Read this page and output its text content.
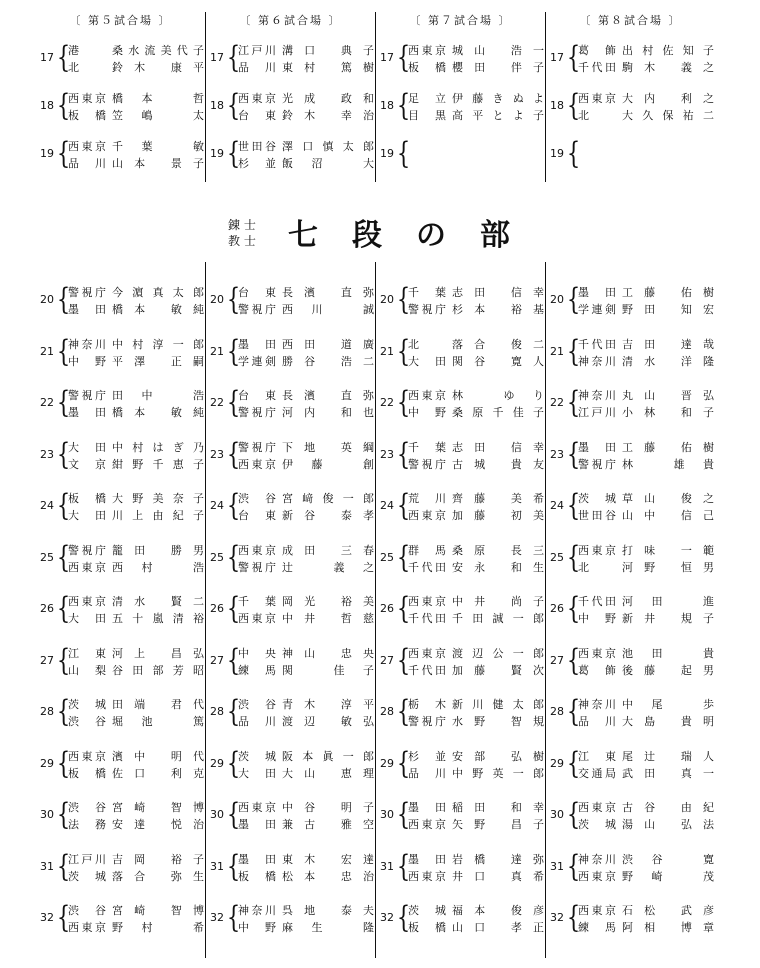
〔 第５試合場 〕
17 {
港	桑水流美代子
北	鈴木 康平
18 {
西東京 橋本 哲
板橋 笠嶋 太
19 {
西東京 千葉 敏
品川 山本 景子
〔 第６試合場 〕
17 {
江戸川 溝口 典子
品川 東村 篤樹
18 {
西東京 光成 政和
台東 鈴木 幸治
19 {
世田谷 澤口慎太郎
杉並 飯沼 大
〔 第７試合場 〕
17 {
西東京 城山 浩一
板橋 櫻田 伴子
18 {
足立 伊藤きぬよ
目黒 高平とよ子
19 {
〔 第８試合場 〕
17 {
葛飾 出村佐知子
千代田 駒木 義之
18 {
西東京 大内 利之
北	大久保祐二
19 {
20 {
警視庁 今濵真太郎
墨田 橋本 敏純
21 {
神奈川 中村淳一郎
中野 平澤 正嗣
22 {
警視庁 田中 浩
墨田 橋本 敏純
23 {
大田 中村はぎ乃
文京 紺野千恵子
24 {
板橋 大野美奈子
大田 川上由紀子
25 {
警視庁 籠田 勝男
西東京 西村 浩
26 {
西東京 清水 賢二
大田 五十嵐清裕
27 {
江東 河上 昌弘
山梨 谷田部芳昭
28 {
茨城 田端 君代
渋谷 堀池 篤
29 {
西東京 濱中 明代
板橋 佐口 利克
30 {
渋谷 宮崎 智博
法務 安達 悦治
31 {
江戸川 吉岡 裕子
茨城 落合 弥生
32 {
渋谷 宮崎 智博
西東京 野村 希
20 {
台東 長濱 直弥
警視庁 西川 誠
21 {
墨田 西田 道廣
学連剣 勝谷 浩二
22 {
台東 長濱 直弥
警視庁 河内 和也
23 {
警視庁 下地 英綱
西東京 伊藤 創
24 {
渋谷 宮﨑俊一郎
台東 新谷 泰孝
25 {
西東京 成田 三春
警視庁 辻 義之
26 {
千葉 岡光 裕美
西東京 中井 哲慈
27 {
中央 神山 忠央
練馬 関 佳子
28 {
渋谷 青木 淳平
品川 渡辺 敏弘
29 {
茨城 阪本眞一郎
大田 大山 恵理
30 {
西東京 中谷 明子
墨田 兼古 雅空
31 {
墨田 東木 宏達
板橋 松本 忠治
32 {
神奈川 呉地 泰夫
中野 麻生 隆
20 {
千葉 志田 信幸
警視庁 杉本 裕基
21 {
北	落合 俊二
大田 関谷 寛人
22 {
西東京 林 ゆり
中野 桑原千佳子
23 {
千葉 志田 信幸
警視庁 古城 貴友
24 {
荒川 齊藤 美希
西東京 加藤 初美
25 {
群馬 桑原 長三
千代田 安永 和生
26 {
西東京 中井 尚子
千代田 千田誠一郎
27 {
西東京 渡辺公一郎
千代田 加藤 賢次
28 {
栃木 新川健太郎
警視庁 水野 智規
29 {
杉並 安部 弘樹
品川 中野英一郎
30 {
墨田 稲田 和幸
西東京 矢野 昌子
31 {
墨田 岩橋 達弥
西東京 井口 真希
32 {
茨城 福本 俊彦
板橋 山口 孝正
20 {
墨田 工藤 佑樹
学連剣 野田 知宏
21 {
千代田 吉田 達哉
神奈川 清水 洋隆
22 {
神奈川 丸山 晋弘
江戸川 小林 和子
23 {
墨田 工藤 佑樹
警視庁 林 雄貴
24 {
茨城 草山 俊之
世田谷 山中 信己
25 {
西東京 打味 一範
北	河野 恒男
26 {
千代田 河田 進
中野 新井 規子
27 {
西東京 池田 貴
葛飾 後藤 起男
28 {
神奈川 中尾 歩
品川 大島 貴明
29 {
江東 尾辻 瑞人
交通局 武田 真一
30 {
西東京 古谷 由紀
茨城 湯山 弘法
31 {
神奈川 渋谷 寛
西東京 野崎 茂
32 {
西東京 石松 武彦
練馬 阿相 博章
錬 士
教 士 七段の部
